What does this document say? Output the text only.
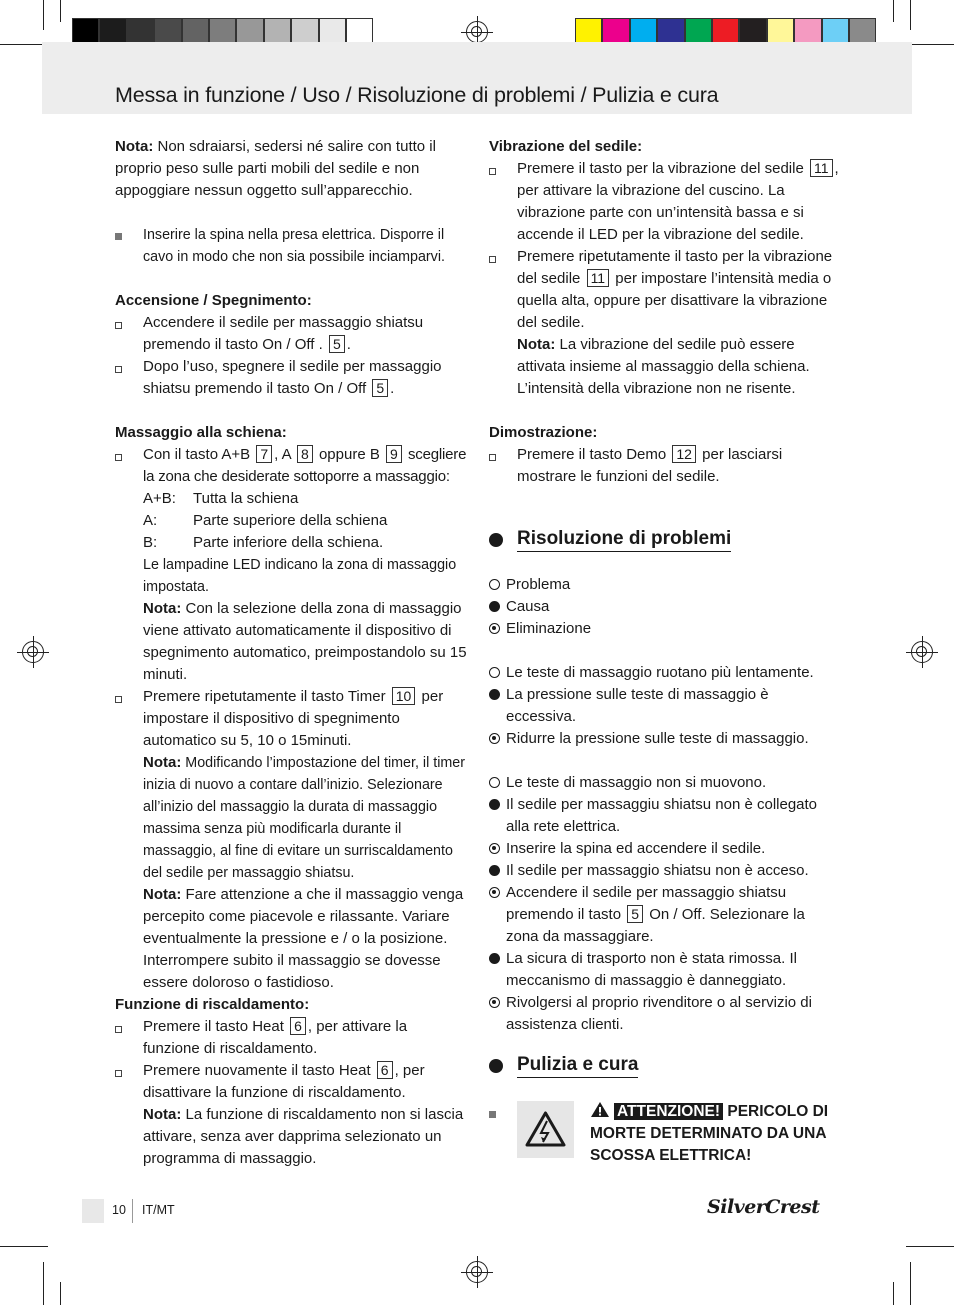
Messa in funzione / Uso / Risoluzione di problemi / Pulizia e cura

Nota: Non sdraiarsi, sedersi né salire con tutto il proprio peso sulle parti mobili del sedile e non appoggiare nessun oggetto sull’apparecchio.

Inserire la spina nella presa elettrica. Disporre il cavo in modo che non sia possibile inciamparvi.

Accensione / Spegnimento:

Accendere il sedile per massaggio shiatsu premendo il tasto On / Off . 5 .
Dopo l’uso, spegnere il sedile per massaggio shiatsu premendo il tasto On / Off 5 .

Massaggio alla schiena:

Con il tasto A+B 7 , A 8 oppure B 9 scegliere la zona che desiderate sottoporre a massaggio:
A+B:	Tutta la schiena
A:	Parte superiore della schiena
B:	Parte inferiore della schiena.

Le lampadine LED indicano la zona di massaggio impostata.

Nota: Con la selezione della zona di massaggio viene attivato automaticamente il dispositivo di spegnimento automatico, preimpostandolo su 15 minuti.

Premere ripetutamente il tasto Timer 10 per impostare il dispositivo di spegnimento automatico su 5, 10 o 15minuti.

Nota: Modificando l’impostazione del timer, il timer inizia di nuovo a contare dall’inizio. Selezionare all’inizio del massaggio la durata di massaggio massima senza più modificarla durante il massaggio, al fine di evitare un surriscaldamento del sedile per massaggio shiatsu.

Nota: Fare attenzione a che il massaggio venga percepito come piacevole e rilassante. Variare eventualmente la pressione e / o la posizione. Interrompere subito il massaggio se dovesse essere doloroso o fastidioso.

Funzione di riscaldamento:

Premere il tasto Heat 6 , per attivare la funzione di riscaldamento.
Premere nuovamente il tasto Heat 6 , per disattivare la funzione di riscaldamento.

Nota: La funzione di riscaldamento non si lascia attivare, senza aver dapprima selezionato un programma di massaggio.

Vibrazione del sedile:

Premere il tasto per la vibrazione del sedile 11 , per attivare la vibrazione del cuscino. La vibrazione parte con un’intensità bassa e si accende il LED per la vibrazione del sedile.
Premere ripetutamente il tasto per la vibrazione del sedile 11 per impostare l’intensità media o quella alta, oppure per disattivare la vibrazione del sedile.

Nota: La vibrazione del sedile può essere attivata insieme al massaggio della schiena. L’intensità della vibrazione non ne risente.

Dimostrazione:

Premere il tasto Demo 12 per lasciarsi mostrare le funzioni del sedile.
Risoluzione di problemi
Problema
Causa
Eliminazione
Le teste di massaggio ruotano più lentamente.
La pressione sulle teste di massaggio è eccessiva.
Ridurre la pressione sulle teste di massaggio.
Le teste di massaggio non si muovono.
Il sedile per massaggiu shiatsu non è collegato alla rete elettrica.
Inserire la spina ed accendere il sedile.
Il sedile per massaggio shiatsu non è acceso.
Accendere il sedile per massaggio shiatsu premendo il tasto 5 On / Off. Selezionare la zona da massaggiare.
La sicura di trasporto non è stata rimossa. Il meccanismo di massaggio è danneggiato.
Rivolgersi al proprio rivenditore o al servizio di assistenza clienti.
Pulizia e cura
ATTENZIONE! PERICOLO DI MORTE DETERMINATO DA UNA SCOSSA ELETTRICA!
10 IT/MT	SilverCrest
